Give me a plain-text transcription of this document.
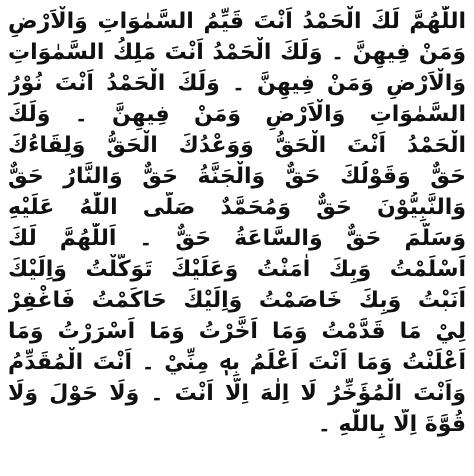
اللّٰهُمَّ لَكَ الْحَمْدُ اَنْتَ قَيِّمُ السَّمٰوَاتِ وَالْاَرْضِ
وَمَنْ فِيهِنَّ ۔ وَلَكَ الْحَمْدُ اَنْتَ مَلِكُ السَّمٰوَاتِ
وَالْاَرْضِ وَمَنْ فِيهِنَّ ۔ وَلَكَ الْحَمْدُ اَنْتَ نُوْرُ
السَّمٰوَاتِ وَالْاَرْضِ وَمَنْ فِيهِنَّ ۔ وَلَكَ
الْحَمْدُ اَنْتَ الْحَقُّ وَوَعْدُكَ الْحَقُّ وَلِقَاءُكَ
حَقٌّ وَقَوْلُكَ حَقٌّ وَالْجَنَّةُ حَقٌّ وَالنَّارُ حَقٌّ
وَالنَّبِيُّوْنَ حَقٌّ وَمُحَمَّدٌ صَلَّى اللّٰهُ عَلَيْهِ
وَسَلَّمَ حَقٌّ وَالسَّاعَةُ حَقٌّ ۔ اَللّٰهُمَّ لَكَ
اَسْلَمْتُ وَبِكَ اٰمَنْتُ وَعَلَيْكَ تَوَكَّلْتُ وَاِلَيْكَ
اَنَبْتُ وَبِكَ خَاصَمْتُ وَاِلَيْكَ حَاكَمْتُ فَاغْفِرْ
لِيْ مَا قَدَّمْتُ وَمَا اَخَّرْتُ وَمَا اَسْرَرْتُ وَمَا
اَعْلَنْتُ وَمَا اَنْتَ اَعْلَمُ بِهٖ مِنِّيْ ۔ اَنْتَ الْمُقَدِّمُ
وَاَنْتَ الْمُؤَخِّرُ لَا اِلٰهَ اِلَّا اَنْتَ ۔ وَلَا حَوْلَ وَلَا
قُوَّةَ اِلَّا بِاللّٰهِ ۔
